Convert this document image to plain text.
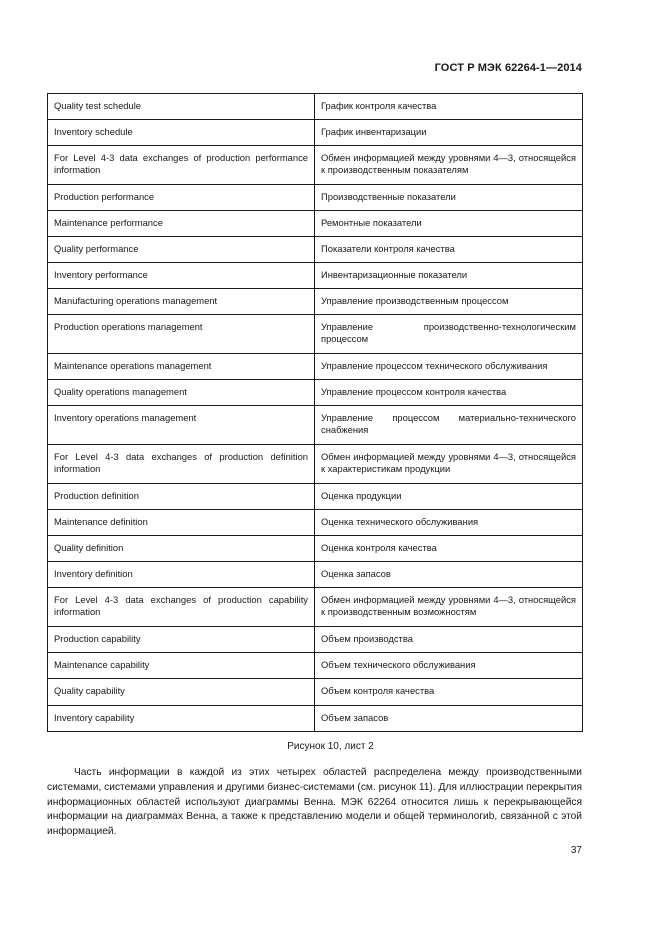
ГОСТ Р МЭК 62264-1—2014
Quality test schedule	График контроля качества
Inventory schedule	График инвентаризации
For Level 4-3 data exchanges of production performance information	Обмен информацией между уровнями 4—3, относящейся к производственным показателям
Production performance	Производственные показатели
Maintenance performance	Ремонтные показатели
Quality performance	Показатели контроля качества
Inventory performance	Инвентаризационные показатели
Manufacturing operations management	Управление производственным процессом
Production operations management	Управление производственно-технологическим процессом
Maintenance operations management	Управление процессом технического обслуживания
Quality operations management	Управление процессом контроля качества
Inventory operations management	Управление процессом материально-технического снабжения
For Level 4-3 data exchanges of production definition information	Обмен информацией между уровнями 4—3, относящейся к характеристикам продукции
Production definition	Оценка продукции
Maintenance definition	Оценка технического обслуживания
Quality definition	Оценка контроля качества
Inventory definition	Оценка запасов
For Level 4-3 data exchanges of production capability information	Обмен информацией между уровнями 4—3, относящейся к производственным возможностям
Production capability	Объем производства
Maintenance capability	Объем технического обслуживания
Quality capability	Объем контроля качества
Inventory capability	Объем запасов
Рисунок 10, лист 2

Часть информации в каждой из этих четырех областей распределена между производственными системами, системами управления и другими бизнес-системами (см. рисунок 11). Для иллюстрации перекрытия информационных областей используют диаграммы Венна. МЭК 62264 относится лишь к перекрывающейся информации на диаграммах Венна, а также к представлению модели и общей терминологиb, связанной с этой информацией.

37
